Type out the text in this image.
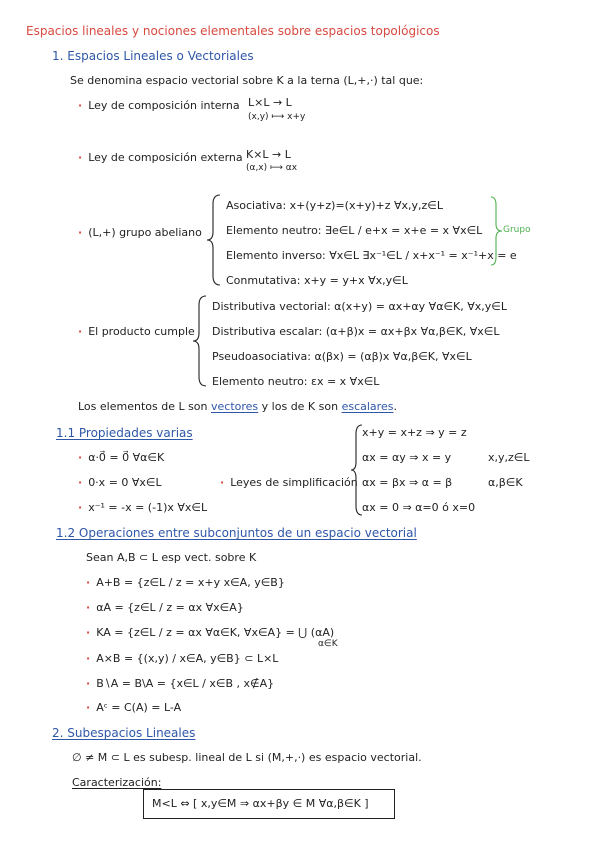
Espacios lineales y nociones elementales sobre espacios topológicos
1. Espacios Lineales o Vectoriales
Se denomina espacio vectorial sobre K a la terna (L,+,·) tal que:
· Ley de composición interna L×L → L
(x,y) ⟼ x+y
· Ley de composición externa K×L → L
(α,x) ⟼ αx
· (L,+) grupo abeliano
Asociativa: x+(y+z)=(x+y)+z ∀x,y,z∈L
Elemento neutro: ∃e∈L / e+x = x+e = x ∀x∈L
Elemento inverso: ∀x∈L ∃x⁻¹∈L / x+x⁻¹ = x⁻¹+x = e
Conmutativa: x+y = y+x ∀x,y∈L
Grupo
· El producto cumple
Distributiva vectorial: α(x+y) = αx+αy ∀α∈K, ∀x,y∈L
Distributiva escalar: (α+β)x = αx+βx ∀α,β∈K, ∀x∈L
Pseudoasociativa: α(βx) = (αβ)x ∀α,β∈K, ∀x∈L
Elemento neutro: εx = x ∀x∈L
Los elementos de L son vectores y los de K son escalares.
1.1 Propiedades varias
· α·0⃗ = 0⃗ ∀α∈K
· 0·x = 0 ∀x∈L
· x⁻¹ = -x = (-1)x ∀x∈L
· Leyes de simplificación
x+y = x+z ⇒ y = z
αx = αy ⇒ x = y	x,y,z∈L
αx = βx ⇒ α = β	α,β∈K
αx = 0 ⇒ α=0 ó x=0
1.2 Operaciones entre subconjuntos de un espacio vectorial
Sean A,B ⊂ L esp vect. sobre K
· A+B = {z∈L / z = x+y x∈A, y∈B}
· αA = {z∈L / z = αx ∀x∈A}
· KA = {z∈L / z = αx ∀α∈K, ∀x∈A} = ⋃ (αA)
α∈K
· A×B = {(x,y) / x∈A, y∈B} ⊂ L×L
· B∖A = B\A = {x∈L / x∈B , x∉A}
· Aᶜ = C(A) = L-A
2. Subespacios Lineales
∅ ≠ M ⊂ L es subesp. lineal de L si (M,+,·) es espacio vectorial.
Caracterización:
M<L ⇔ [ x,y∈M ⇒ αx+βy ∈ M ∀α,β∈K ]
